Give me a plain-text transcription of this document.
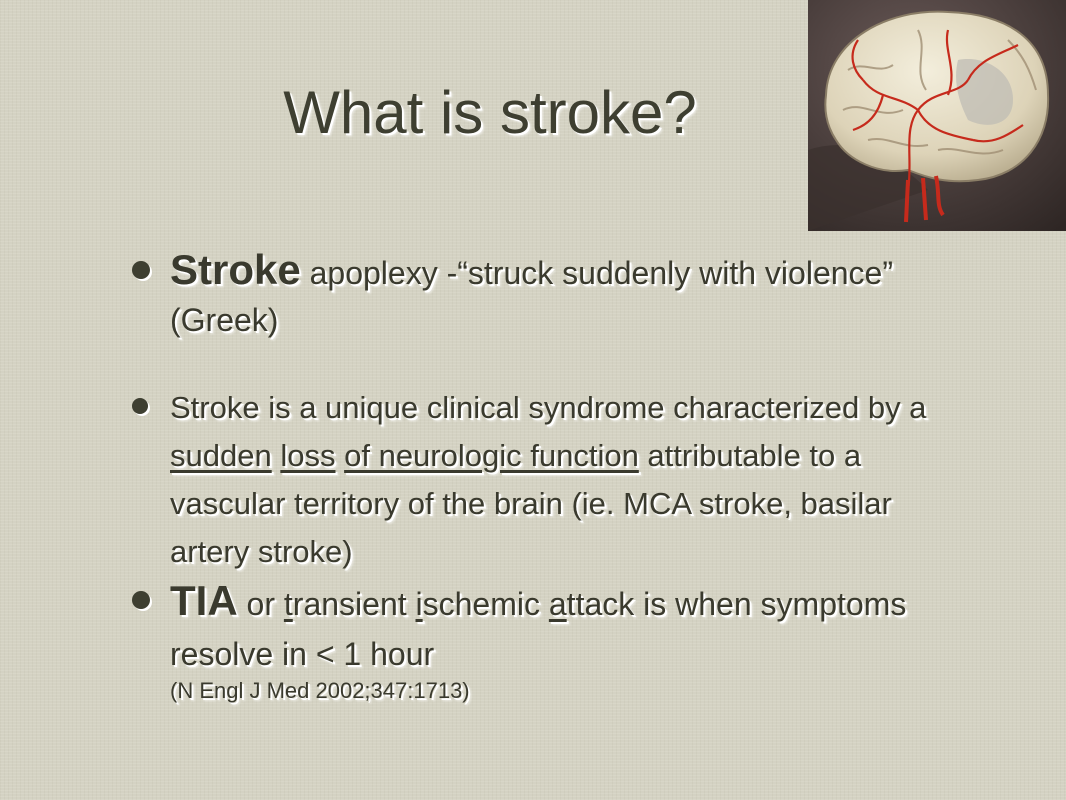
What is stroke?

Stroke apoplexy -“struck suddenly with violence” (Greek)

Stroke is a unique clinical syndrome characterized by a sudden loss of neurologic function attributable to a vascular territory of the brain (ie. MCA stroke, basilar artery stroke)

TIA or transient ischemic attack is when symptoms resolve in < 1 hour
(N Engl J Med 2002;347:1713)
